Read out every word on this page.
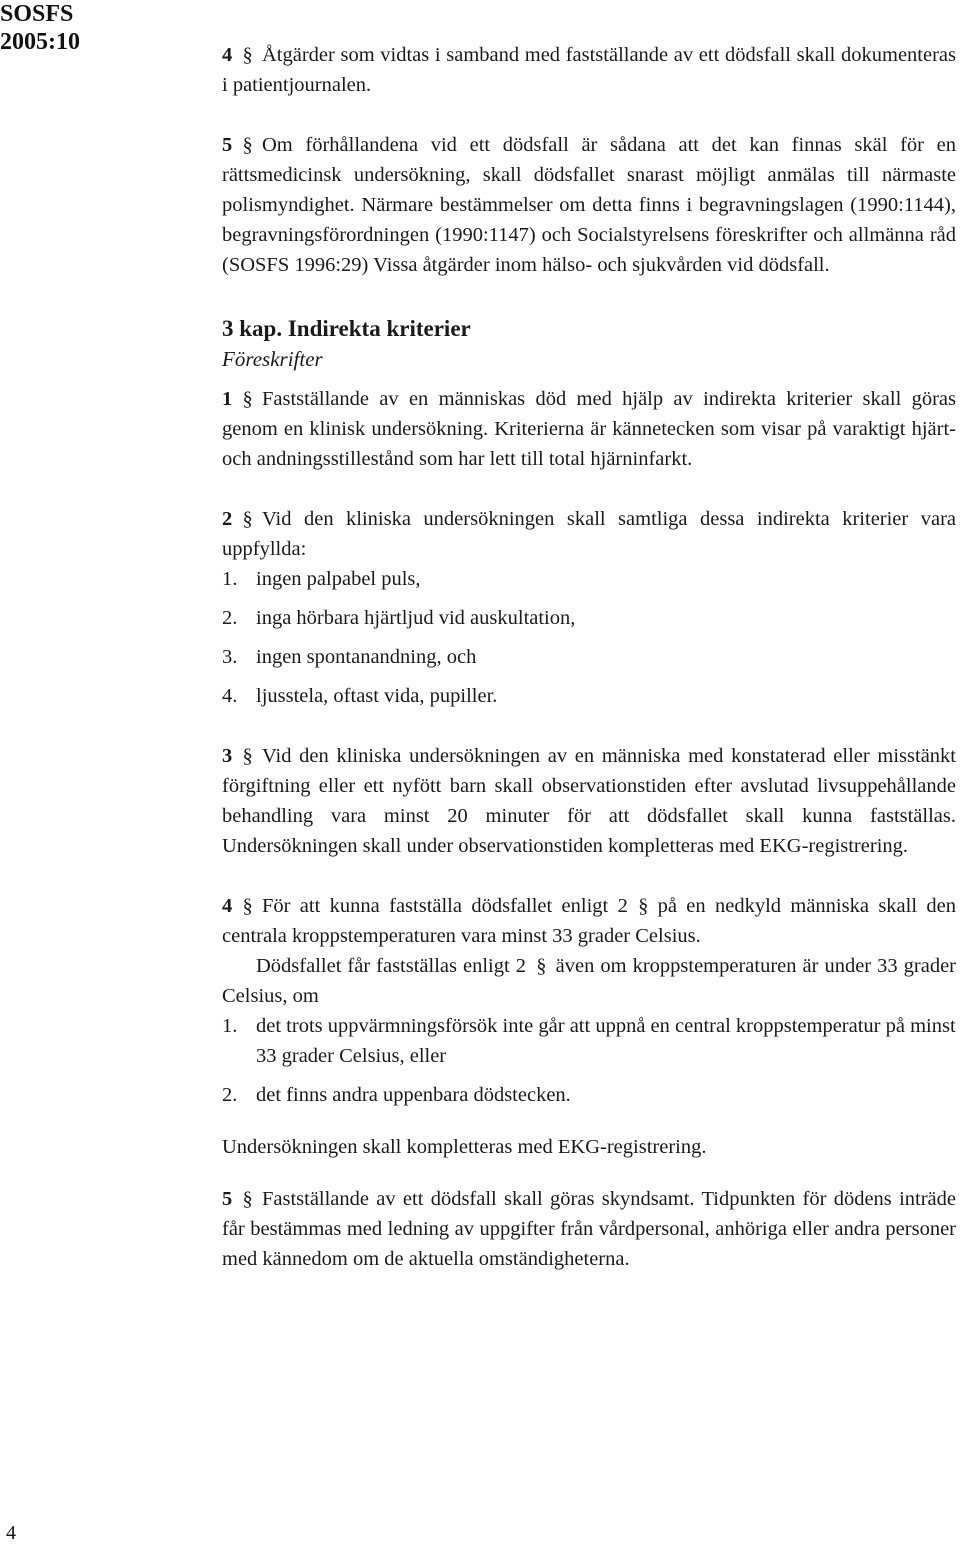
SOSFS
2005:10	4 § Åtgärder som vidtas i samband med fastställande av ett dödsfall skall dokumenteras i patientjournalen.

5 § Om förhållandena vid ett dödsfall är sådana att det kan finnas skäl för en rättsmedicinsk undersökning, skall dödsfallet snarast möjligt anmälas till närmaste polismyndighet. Närmare bestämmelser om detta finns i begravningslagen (1990:1144), begravningsförordningen (1990:1147) och Socialstyrelsens föreskrifter och allmänna råd (SOSFS 1996:29) Vissa åtgärder inom hälso- och sjukvården vid dödsfall.

3 kap. Indirekta kriterier
Föreskrifter

1 § Fastställande av en människas död med hjälp av indirekta kriterier skall göras genom en klinisk undersökning. Kriterierna är kännetecken som visar på varaktigt hjärt- och andningsstillestånd som har lett till total hjärninfarkt.

2 § Vid den kliniska undersökningen skall samtliga dessa indirekta kriterier vara uppfyllda:

1. ingen palpabel puls,
2. inga hörbara hjärtljud vid auskultation,
3. ingen spontanandning, och
4. ljusstela, oftast vida, pupiller.

3 § Vid den kliniska undersökningen av en människa med konstaterad eller misstänkt förgiftning eller ett nyfött barn skall observationstiden efter avslutad livsuppehållande behandling vara minst 20 minuter för att dödsfallet skall kunna fastställas. Undersökningen skall under observationstiden kompletteras med EKG-registrering.

4 § För att kunna fastställa dödsfallet enligt 2 § på en nedkyld människa skall den centrala kroppstemperaturen vara minst 33 grader Celsius.

Dödsfallet får fastställas enligt 2 § även om kroppstemperaturen är under 33 grader Celsius, om

1. det trots uppvärmningsförsök inte går att uppnå en central kroppstemperatur på minst 33 grader Celsius, eller
2. det finns andra uppenbara dödstecken.

Undersökningen skall kompletteras med EKG-registrering.

5 § Fastställande av ett dödsfall skall göras skyndsamt. Tidpunkten för dödens inträde får bestämmas med ledning av uppgifter från vårdpersonal, anhöriga eller andra personer med kännedom om de aktuella omständigheterna.

4
